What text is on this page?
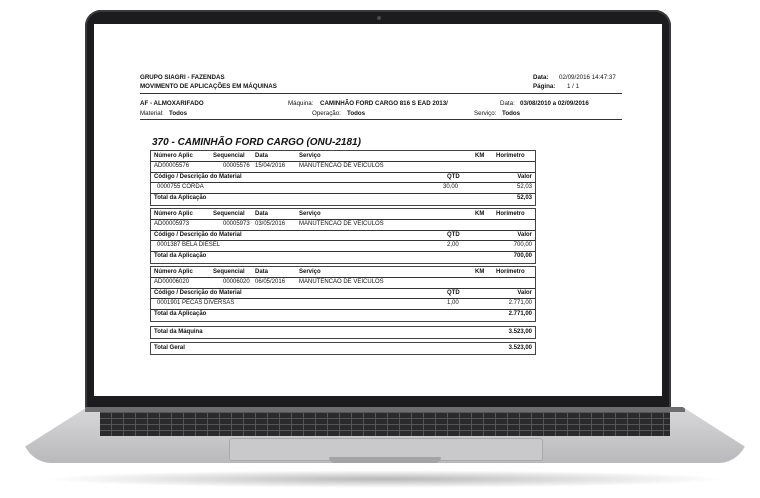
GRUPO SIAGRI - FAZENDAS
MOVIMENTO DE APLICAÇÕES EM MÁQUINAS
Data: 02/09/2016 14:47:37
Página: 1 / 1
AF - ALMOXARIFADO	Máquina: CAMINHÃO FORD CARGO 816 S EAD 2013/	Data: 03/08/2010 a 02/09/2016
Material: Todos	Operação: Todos	Serviço: Todos
370 - CAMINHÃO FORD CARGO (ONU-2181)
Número Aplic	Sequencial Data	Serviço	KM Horímetro
AD00005576	00005576 15/04/2016 MANUTENCAO DE VEICULOS
Código / Descrição do Material	QTD	Valor
0000755 CORDA	30,00	52,03
Total da Aplicação	52,03
Número Aplic	Sequencial Data	Serviço	KM Horímetro
AD00005973	00005973 03/05/2016 MANUTENCAO DE VEICULOS
Código / Descrição do Material	QTD	Valor
0001387 BELA DIESEL	2,00	700,00
Total da Aplicação	700,00
Número Aplic	Sequencial Data	Serviço	KM Horímetro
AD00006020	00006020 06/05/2016 MANUTENCAO DE VEICULOS
Código / Descrição do Material	QTD	Valor
0001901 PECAS DIVERSAS	1,00	2.771,00
Total da Aplicação	2.771,00
Total da Máquina	3.523,00
Total Geral	3.523,00
